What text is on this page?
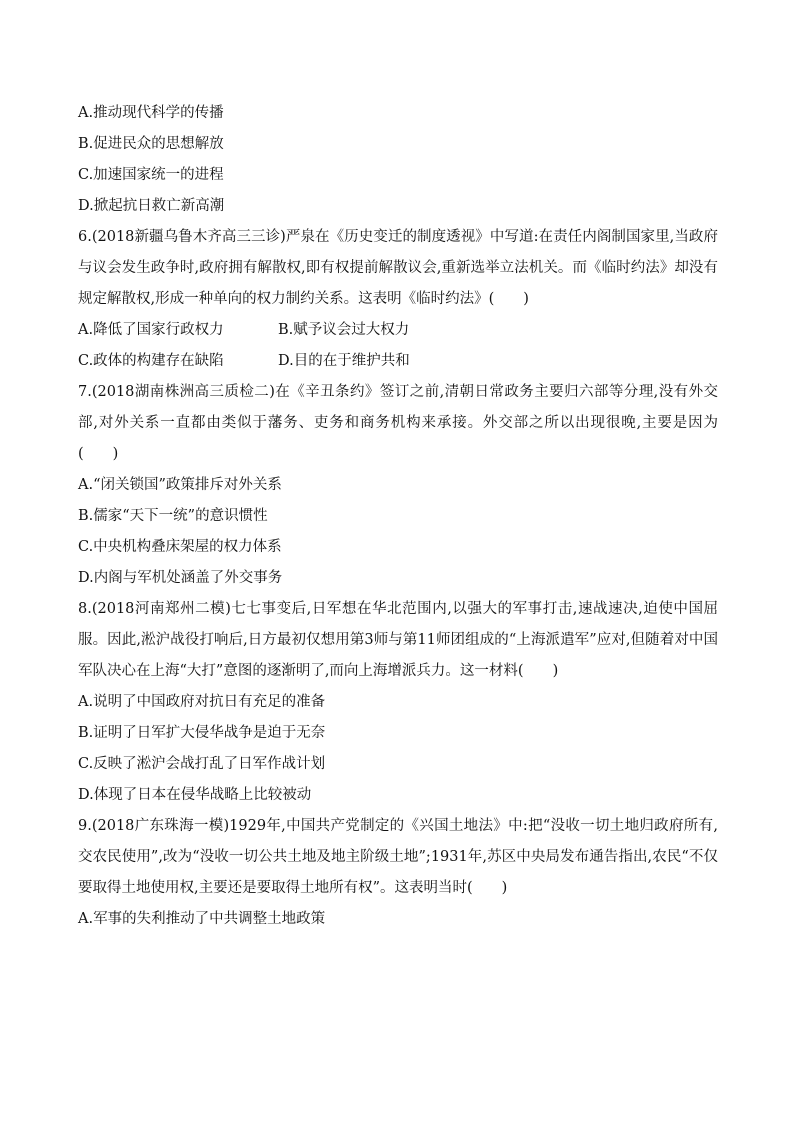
A.推动现代科学的传播
B.促进民众的思想解放
C.加速国家统一的进程
D.掀起抗日救亡新高潮
6.(2018新疆乌鲁木齐高三三诊)严泉在《历史变迁的制度透视》中写道:在责任内阁制国家里,当政府与议会发生政争时,政府拥有解散权,即有权提前解散议会,重新选举立法机关。而《临时约法》却没有规定解散权,形成一种单向的权力制约关系。这表明《临时约法》(　　)
A.降低了国家行政权力	B.赋予议会过大权力
C.政体的构建存在缺陷	D.目的在于维护共和
7.(2018湖南株洲高三质检二)在《辛丑条约》签订之前,清朝日常政务主要归六部等分理,没有外交部,对外关系一直都由类似于藩务、吏务和商务机构来承接。外交部之所以出现很晚,主要是因为(　　)
A.“闭关锁国”政策排斥对外关系
B.儒家“天下一统”的意识惯性
C.中央机构叠床架屋的权力体系
D.内阁与军机处涵盖了外交事务
8.(2018河南郑州二模)七七事变后,日军想在华北范围内,以强大的军事打击,速战速决,迫使中国屈服。因此,淞沪战役打响后,日方最初仅想用第3师与第11师团组成的“上海派遣军”应对,但随着对中国军队决心在上海“大打”意图的逐渐明了,而向上海增派兵力。这一材料(　　)
A.说明了中国政府对抗日有充足的准备
B.证明了日军扩大侵华战争是迫于无奈
C.反映了淞沪会战打乱了日军作战计划
D.体现了日本在侵华战略上比较被动
9.(2018广东珠海一模)1929年,中国共产党制定的《兴国土地法》中:把“没收一切土地归政府所有,交农民使用”,改为“没收一切公共土地及地主阶级土地”;1931年,苏区中央局发布通告指出,农民“不仅要取得土地使用权,主要还是要取得土地所有权”。这表明当时(　　)
A.军事的失利推动了中共调整土地政策
